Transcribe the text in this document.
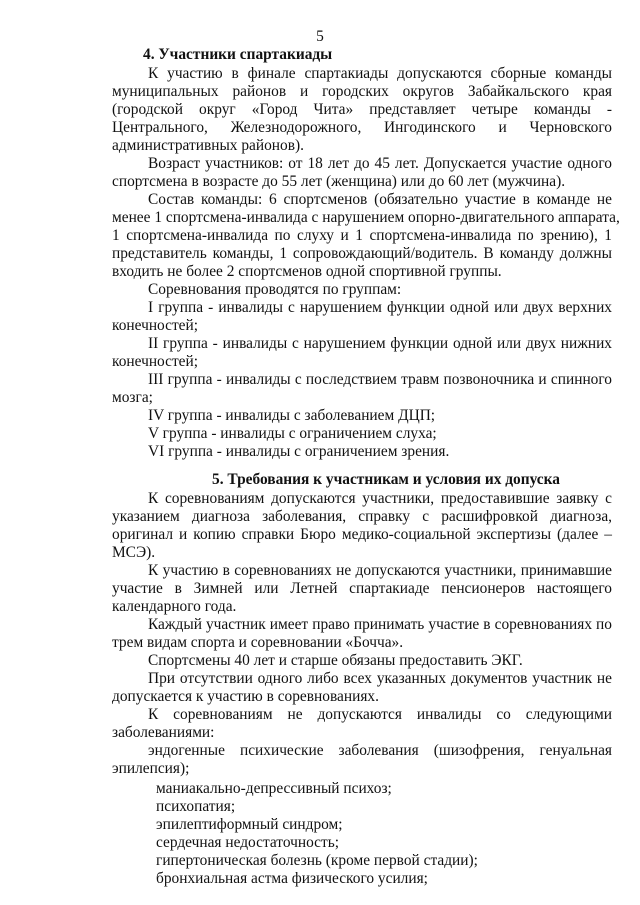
5
4. Участники спартакиады
К участию в финале спартакиады допускаются сборные команды
муниципальных районов и городских округов Забайкальского края
(городской округ «Город Чита» представляет четыре команды -
Центрального, Железнодорожного, Ингодинского и Черновского
административных районов).
Возраст участников: от 18 лет до 45 лет. Допускается участие одного
спортсмена в возрасте до 55 лет (женщина) или до 60 лет (мужчина).
Состав команды: 6 спортсменов (обязательно участие в команде не
менее 1 спортсмена-инвалида с нарушением опорно-двигательного аппарата,
1 спортсмена-инвалида по слуху и 1 спортсмена-инвалида по зрению), 1
представитель команды, 1 сопровождающий/водитель. В команду должны
входить не более 2 спортсменов одной спортивной группы.
Соревнования проводятся по группам:
I группа - инвалиды с нарушением функции одной или двух верхних
конечностей;
II группа - инвалиды с нарушением функции одной или двух нижних
конечностей;
III группа - инвалиды с последствием травм позвоночника и спинного
мозга;
IV группа - инвалиды с заболеванием ДЦП;
V группа - инвалиды с ограничением слуха;
VI группа - инвалиды с ограничением зрения.
5. Требования к участникам и условия их допуска
К соревнованиям допускаются участники, предоставившие заявку с
указанием диагноза заболевания, справку с расшифровкой диагноза,
оригинал и копию справки Бюро медико-социальной экспертизы (далее –
МСЭ).
К участию в соревнованиях не допускаются участники, принимавшие
участие в Зимней или Летней спартакиаде пенсионеров настоящего
календарного года.
Каждый участник имеет право принимать участие в соревнованиях по
трем видам спорта и соревновании «Бочча».
Спортсмены 40 лет и старше обязаны предоставить ЭКГ.
При отсутствии одного либо всех указанных документов участник не
допускается к участию в соревнованиях.
К соревнованиям не допускаются инвалиды со следующими
заболеваниями:
эндогенные психические заболевания (шизофрения, генуальная
эпилепсия);
маниакально-депрессивный психоз;
психопатия;
эпилептиформный синдром;
сердечная недостаточность;
гипертоническая болезнь (кроме первой стадии);
бронхиальная астма физического усилия;
